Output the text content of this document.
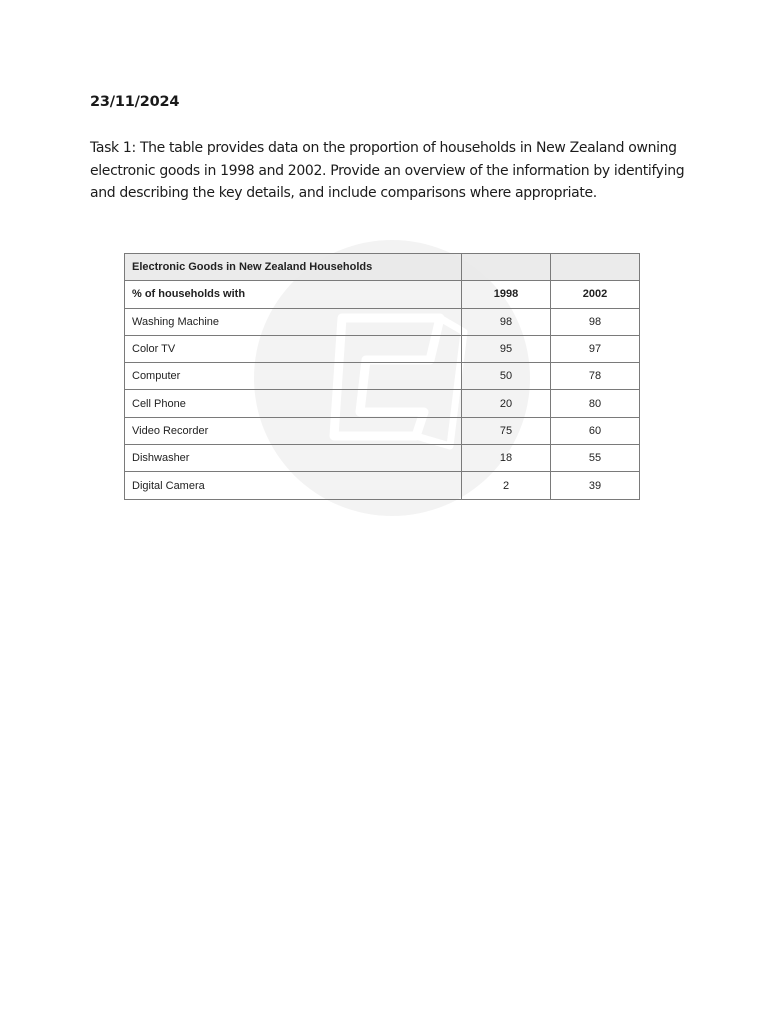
23/11/2024
Task 1: The table provides data on the proportion of households in New Zealand owning electronic goods in 1998 and 2002. Provide an overview of the information by identifying and describing the key details, and include comparisons where appropriate.
Electronic Goods in New Zealand Households		
% of households with	1998	2002
Washing Machine	98	98
Color TV	95	97
Computer	50	78
Cell Phone	20	80
Video Recorder	75	60
Dishwasher	18	55
Digital Camera	2	39
